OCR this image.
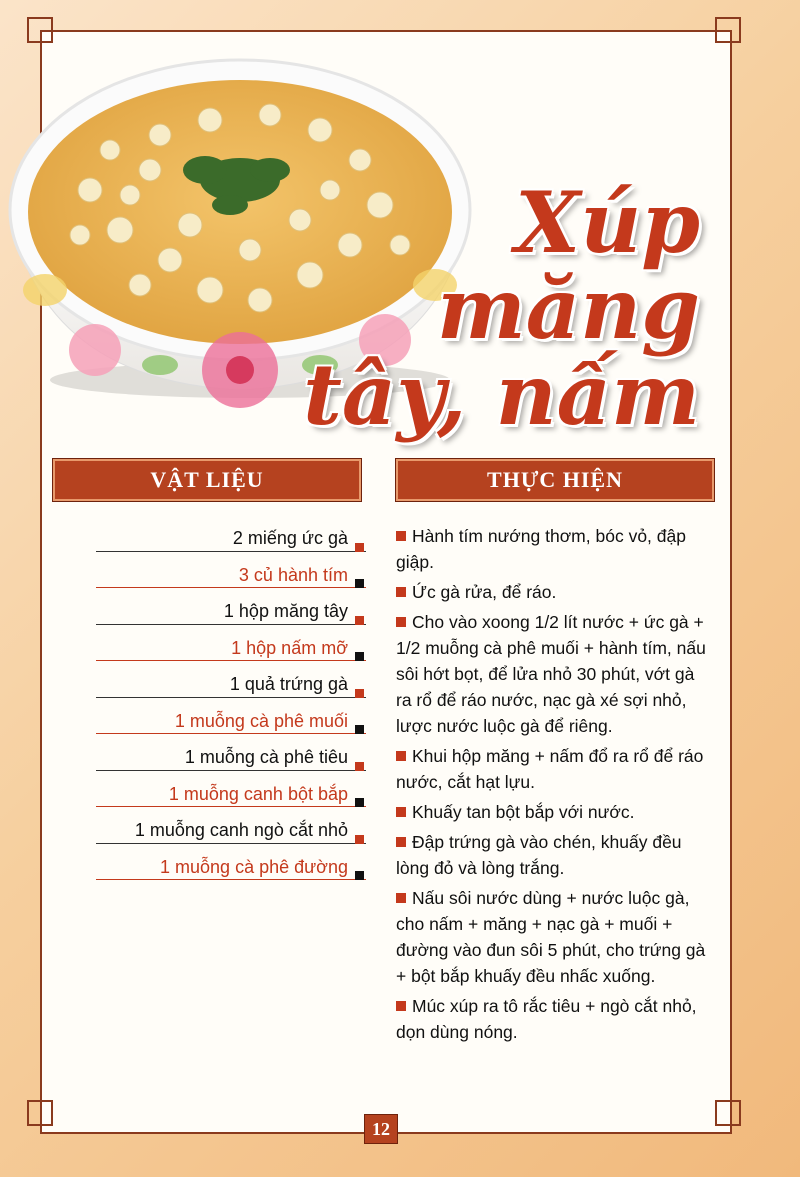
Xúp
măng
tây, nấm
VẬT LIỆU	THỰC HIỆN
2 miếng ức gà
3 củ hành tím
1 hộp măng tây
1 hộp nấm mỡ
1 quả trứng gà
1 muỗng cà phê muối
1 muỗng cà phê tiêu
1 muỗng canh bột bắp
1 muỗng canh ngò cắt nhỏ
1 muỗng cà phê đường
Hành tím nướng thơm, bóc vỏ, đập giập.
Ức gà rửa, để ráo.
Cho vào xoong 1/2 lít nước + ức gà + 1/2 muỗng cà phê muối + hành tím, nấu sôi hớt bọt, để lửa nhỏ 30 phút, vớt gà ra rổ để ráo nước, nạc gà xé sợi nhỏ, lược nước luộc gà để riêng.
Khui hộp măng + nấm đổ ra rổ để ráo nước, cắt hạt lựu.
Khuấy tan bột bắp với nước.
Đập trứng gà vào chén, khuấy đều lòng đỏ và lòng trắng.
Nấu sôi nước dùng + nước luộc gà, cho nấm + măng + nạc gà + muối + đường vào đun sôi 5 phút, cho trứng gà + bột bắp khuấy đều nhấc xuống.
Múc xúp ra tô rắc tiêu + ngò cắt nhỏ, dọn dùng nóng.
12
